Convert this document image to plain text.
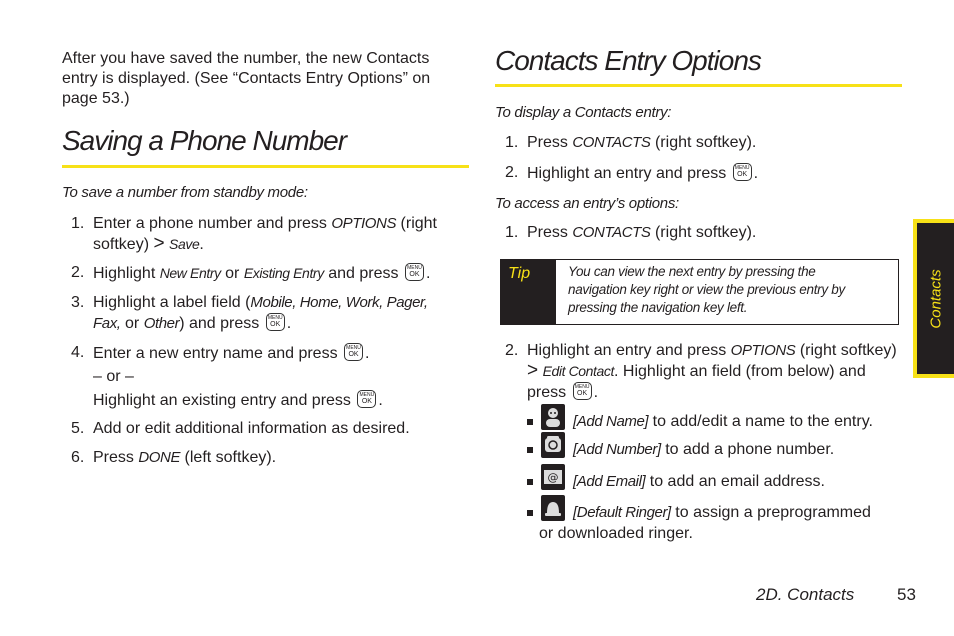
After you have saved the number, the new Contacts
entry is displayed. (See “Contacts Entry Options” on
page 53.)
Saving a Phone Number
To save a number from standby mode:
1. Enter a phone number and press OPTIONS (right
softkey) > Save.
2. Highlight New Entry or Existing Entry and press MENU
OK .
3. Highlight a label field (Mobile, Home, Work, Pager,
Fax, or Other) and press MENU
OK .
4. Enter a new entry name and press MENU
OK .
– or –
Highlight an existing entry and press MENU
OK .
5. Add or edit additional information as desired.
6. Press DONE (left softkey).
Contacts Entry Options
To display a Contacts entry:
1. Press CONTACTS (right softkey).
2. Highlight an entry and press MENU
OK .
To access an entry’s options:
1. Press CONTACTS (right softkey).
Tip	You can view the next entry by pressing the
navigation key right or view the previous entry by
pressing the navigation key left.
2. Highlight an entry and press OPTIONS (right softkey)
> Edit Contact. Highlight an field (from below) and
press MENU
OK .
[Add Name] to add/edit a name to the entry.
[Add Number] to add a phone number.
@ [Add Email] to add an email address.
[Default Ringer] to assign a preprogrammed
or downloaded ringer.
Contacts
2D. Contacts	53
